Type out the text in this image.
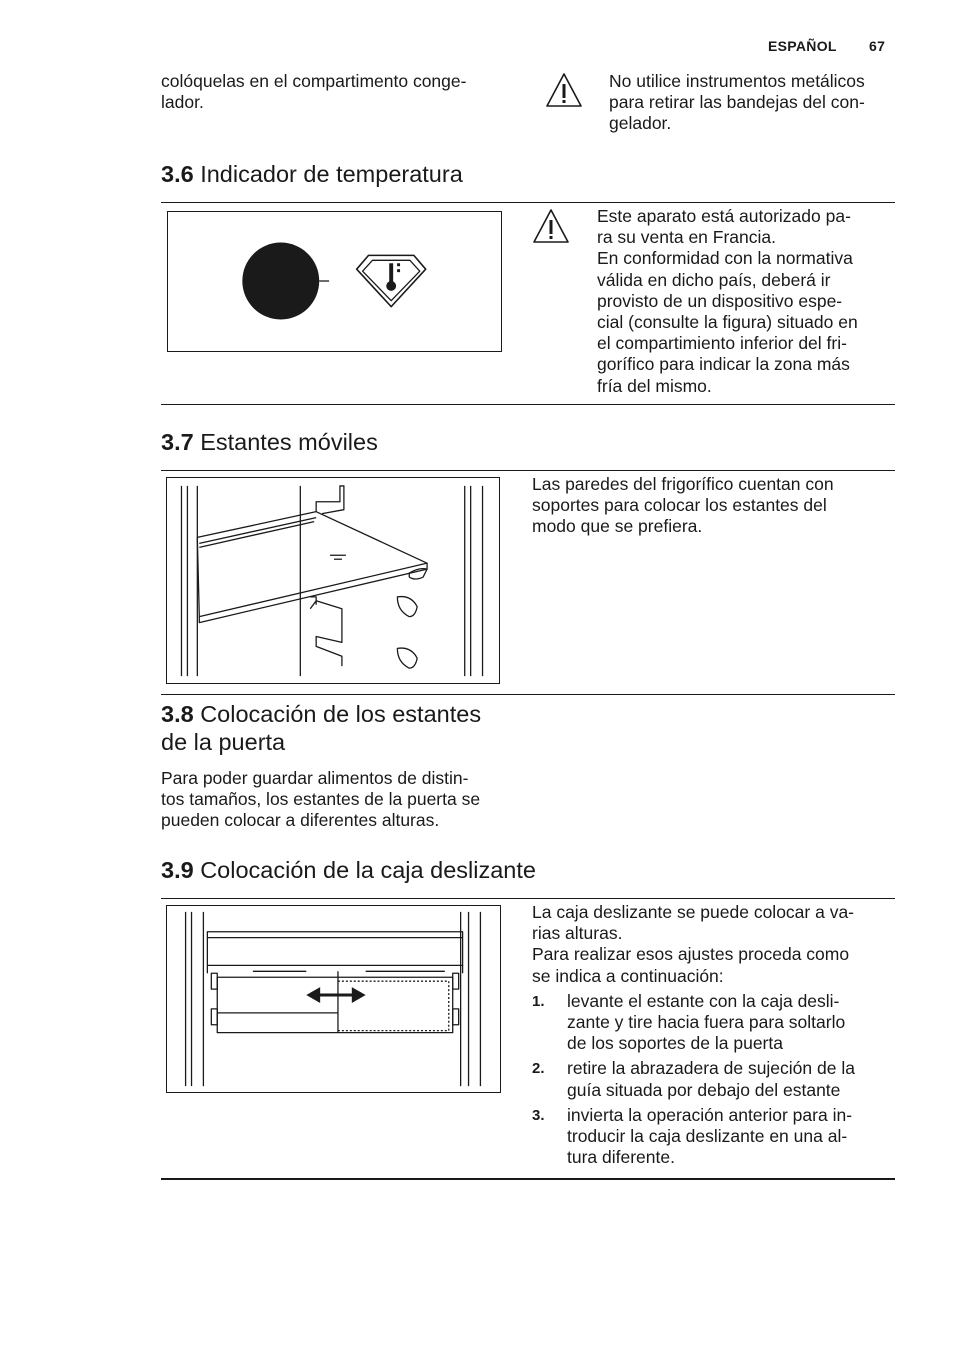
ESPAÑOL 67

colóquelas en el compartimento conge-
lador.

No utilice instrumentos metálicos
para retirar las bandejas del con-
gelador.

3.6 Indicador de temperatura

Este aparato está autorizado pa-
ra su venta en Francia.
En conformidad con la normativa
válida en dicho país, deberá ir
provisto de un dispositivo espe-
cial (consulte la figura) situado en
el compartimiento inferior del fri-
gorífico para indicar la zona más
fría del mismo.

3.7 Estantes móviles

Las paredes del frigorífico cuentan con
soportes para colocar los estantes del
modo que se prefiera.

3.8 Colocación de los estantes
de la puerta

Para poder guardar alimentos de distin-
tos tamaños, los estantes de la puerta se
pueden colocar a diferentes alturas.

3.9 Colocación de la caja deslizante

La caja deslizante se puede colocar a va-
rias alturas.
Para realizar esos ajustes proceda como
se indica a continuación:

1. levante el estante con la caja desli-
zante y tire hacia fuera para soltarlo
de los soportes de la puerta
2. retire la abrazadera de sujeción de la
guía situada por debajo del estante
3. invierta la operación anterior para in-
troducir la caja deslizante en una al-
tura diferente.
